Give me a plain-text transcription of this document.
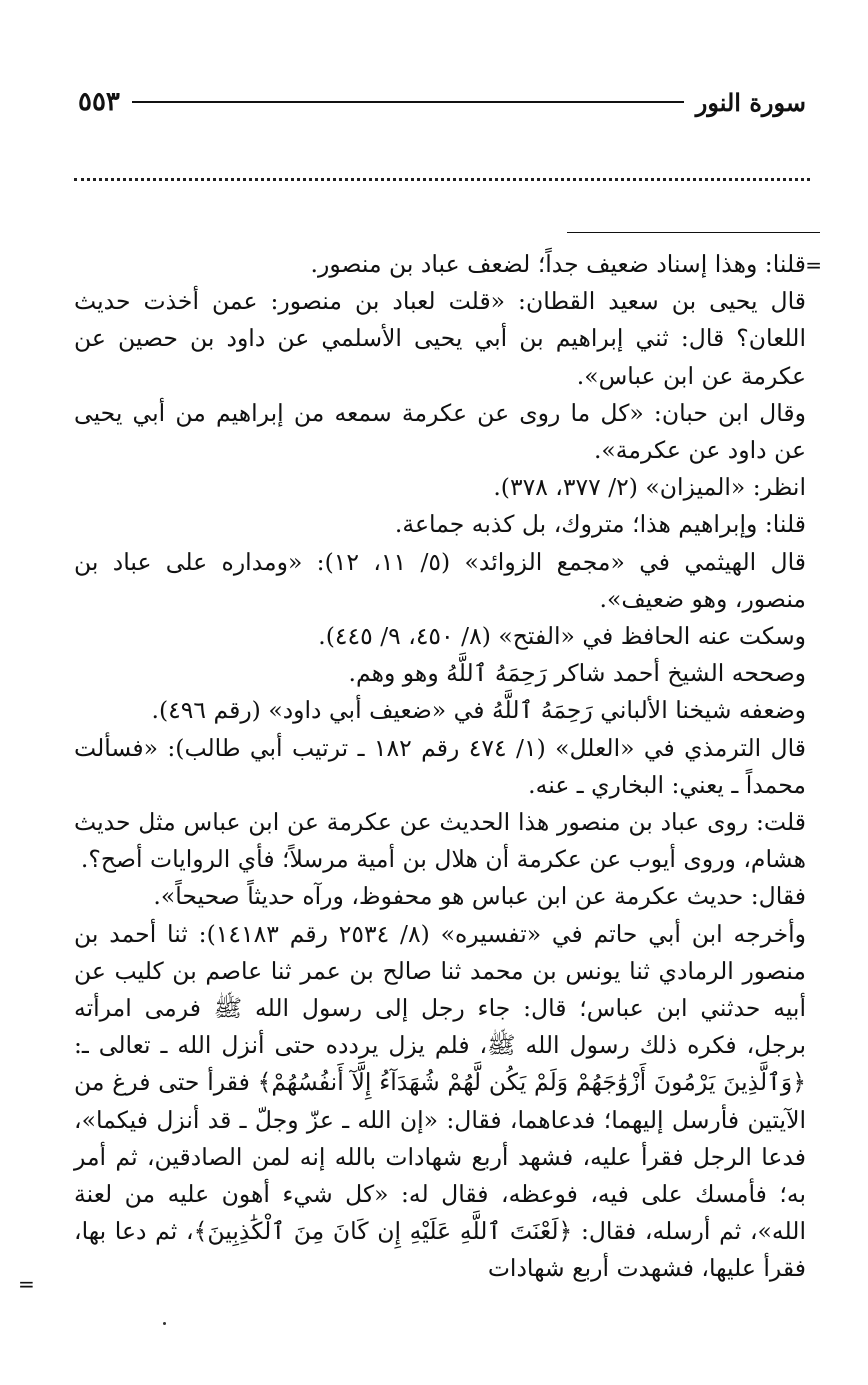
سورة النور
٥٥٣
=

قلنا: وهذا إسناد ضعيف جداً؛ لضعف عباد بن منصور.

قال يحيى بن سعيد القطان: «قلت لعباد بن منصور: عمن أخذت حديث اللعان؟ قال: ثني إبراهيم بن أبي يحيى الأسلمي عن داود بن حصين عن عكرمة عن ابن عباس».

وقال ابن حبان: «كل ما روى عن عكرمة سمعه من إبراهيم من أبي يحيى عن داود عن عكرمة».

انظر: «الميزان» (٢/ ٣٧٧، ٣٧٨).

قلنا: وإبراهيم هذا؛ متروك، بل كذبه جماعة.

قال الهيثمي في «مجمع الزوائد» (٥/ ١١، ١٢): «ومداره على عباد بن منصور، وهو ضعيف».

وسكت عنه الحافظ في «الفتح» (٨/ ٤٥٠، ٩/ ٤٤٥).

وصححه الشيخ أحمد شاكر رَحِمَهُ ٱللَّهُ وهو وهم.

وضعفه شيخنا الألباني رَحِمَهُ ٱللَّهُ في «ضعيف أبي داود» (رقم ٤٩٦).

قال الترمذي في «العلل» (١/ ٤٧٤ رقم ١٨٢ ـ ترتيب أبي طالب): «فسألت محمداً ـ يعني: البخاري ـ عنه.

قلت: روى عباد بن منصور هذا الحديث عن عكرمة عن ابن عباس مثل حديث هشام، وروى أيوب عن عكرمة أن هلال بن أمية مرسلاً؛ فأي الروايات أصح؟.

فقال: حديث عكرمة عن ابن عباس هو محفوظ، ورآه حديثاً صحيحاً».

وأخرجه ابن أبي حاتم في «تفسيره» (٨/ ٢٥٣٤ رقم ١٤١٨٣): ثنا أحمد بن منصور الرمادي ثنا يونس بن محمد ثنا صالح بن عمر ثنا عاصم بن كليب عن أبيه حدثني ابن عباس؛ قال: جاء رجل إلى رسول الله ﷺ فرمى امرأته برجل، فكره ذلك رسول الله ﷺ، فلم يزل يردده حتى أنزل الله ـ تعالى ـ: ﴿وَٱلَّذِينَ يَرْمُونَ أَزْوَٰجَهُمْ وَلَمْ يَكُن لَّهُمْ شُهَدَآءُ إِلَّآ أَنفُسُهُمْ﴾ فقرأ حتى فرغ من الآيتين فأرسل إليهما؛ فدعاهما، فقال: «إن الله ـ عزّ وجلّ ـ قد أنزل فيكما»، فدعا الرجل فقرأ عليه، فشهد أربع شهادات بالله إنه لمن الصادقين، ثم أمر به؛ فأمسك على فيه، فوعظه، فقال له: «كل شيء أهون عليه من لعنة الله»، ثم أرسله، فقال: ﴿لَعْنَتَ ٱللَّهِ عَلَيْهِ إِن كَانَ مِنَ ٱلْكَٰذِبِينَ﴾، ثم دعا بها، فقرأ عليها، فشهدت أربع شهادات

=
